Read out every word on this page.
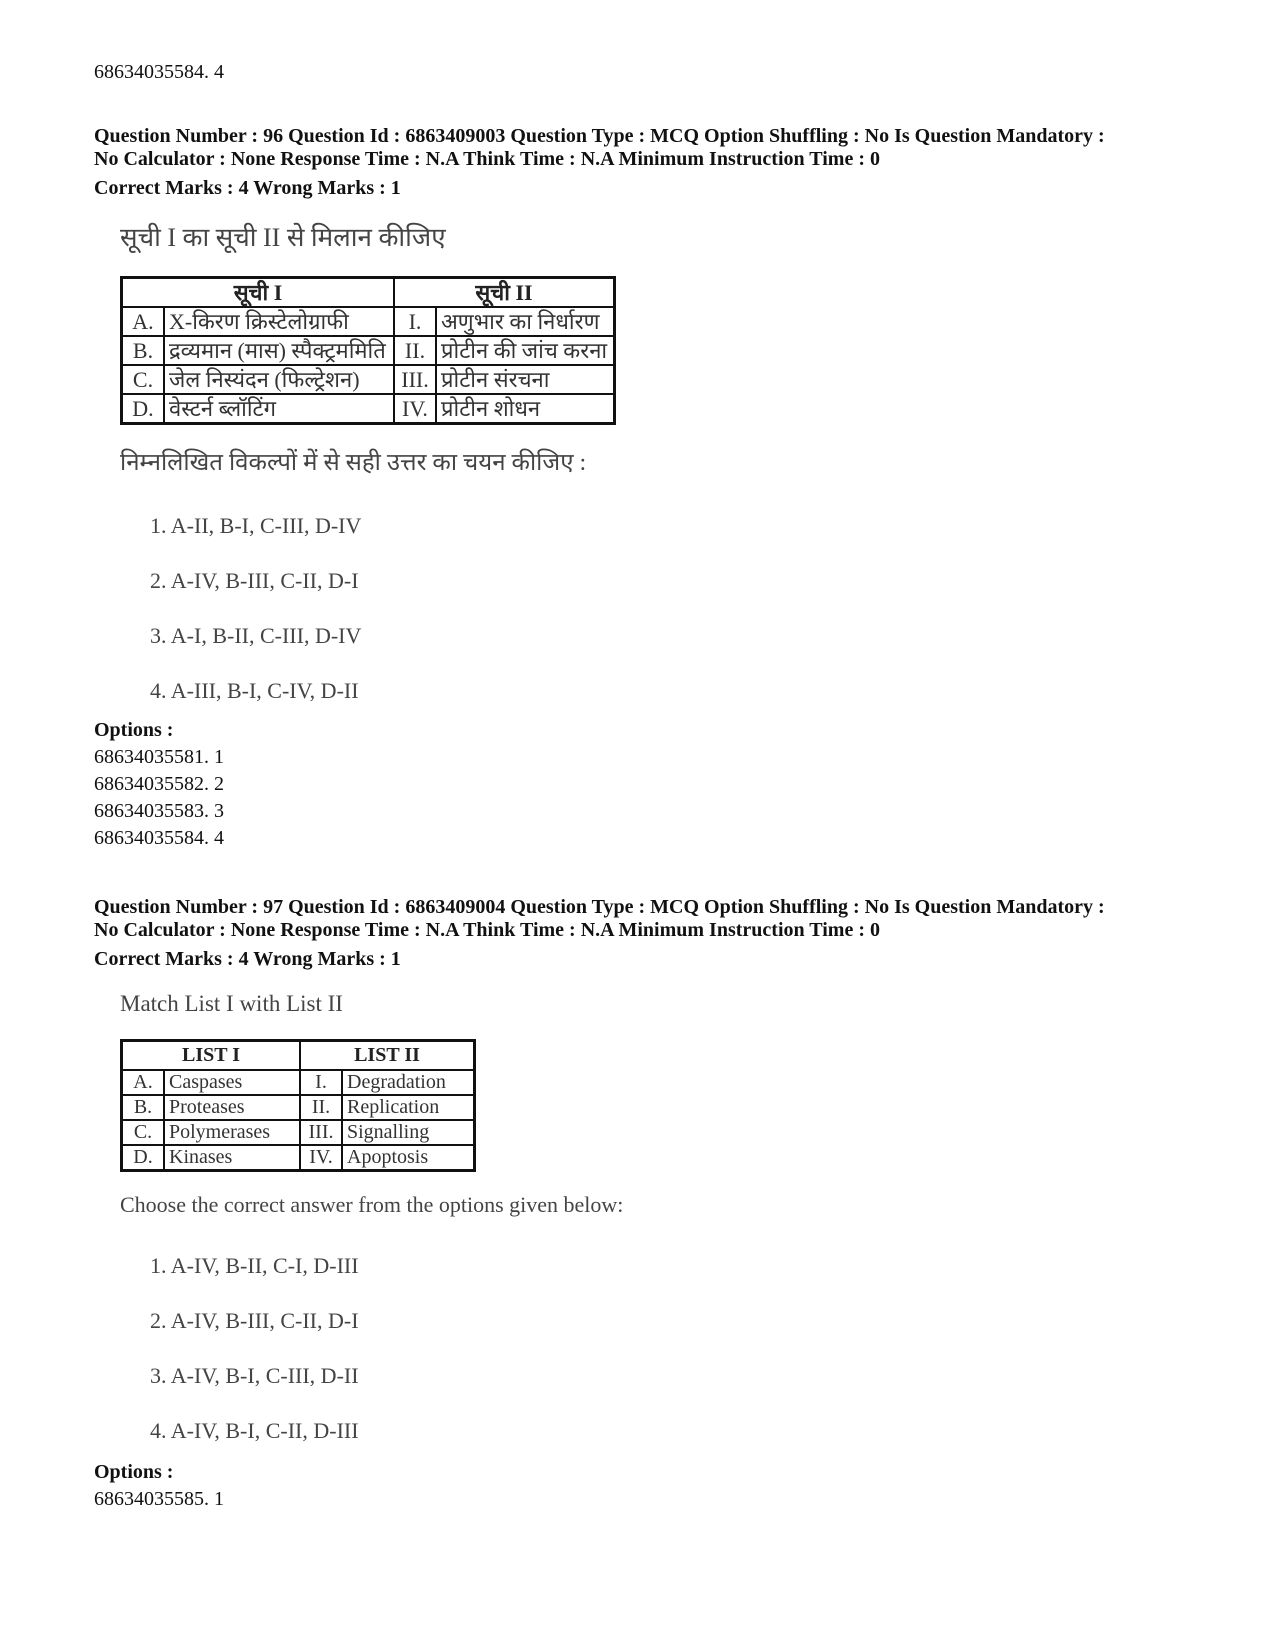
68634035584. 4
Question Number : 96 Question Id : 6863409003 Question Type : MCQ Option Shuffling : No Is Question Mandatory :
No Calculator : None Response Time : N.A Think Time : N.A Minimum Instruction Time : 0
Correct Marks : 4 Wrong Marks : 1
सूची I का सूची II से मिलान कीजिए
सूची I		सूची II	
A.	X-किरण क्रिस्टेलोग्राफी	I.	अणुभार का निर्धारण
B.	द्रव्यमान (मास) स्पैक्ट्रममिति	II.	प्रोटीन की जांच करना
C.	जेल निस्यंदन (फिल्ट्रेशन)	III.	प्रोटीन संरचना
D.	वेस्टर्न ब्लॉटिंग	IV.	प्रोटीन शोधन
निम्नलिखित विकल्पों में से सही उत्तर का चयन कीजिए :
1. A-II, B-I, C-III, D-IV
2. A-IV, B-III, C-II, D-I
3. A-I, B-II, C-III, D-IV
4. A-III, B-I, C-IV, D-II
Options :
68634035581. 1
68634035582. 2
68634035583. 3
68634035584. 4
Question Number : 97 Question Id : 6863409004 Question Type : MCQ Option Shuffling : No Is Question Mandatory :
No Calculator : None Response Time : N.A Think Time : N.A Minimum Instruction Time : 0
Correct Marks : 4 Wrong Marks : 1
Match List I with List II
LIST I		LIST II	
A.	Caspases	I.	Degradation
B.	Proteases	II.	Replication
C.	Polymerases	III.	Signalling
D.	Kinases	IV.	Apoptosis
Choose the correct answer from the options given below:
1. A-IV, B-II, C-I, D-III
2. A-IV, B-III, C-II, D-I
3. A-IV, B-I, C-III, D-II
4. A-IV, B-I, C-II, D-III
Options :
68634035585. 1
